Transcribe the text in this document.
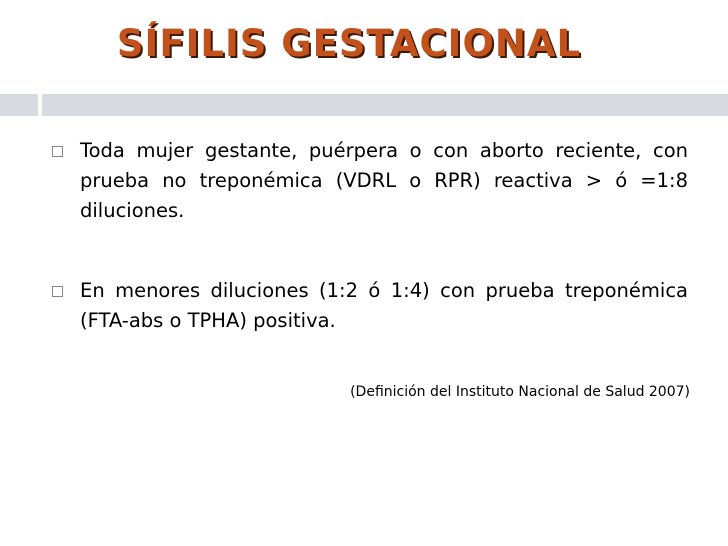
SÍFILIS GESTACIONAL
Toda mujer gestante, puérpera o con aborto reciente, con prueba no treponémica (VDRL o RPR) reactiva > ó =1:8 diluciones.
En menores diluciones (1:2 ó 1:4) con prueba treponémica (FTA-abs o TPHA) positiva.
(Definición del Instituto Nacional de Salud 2007)
